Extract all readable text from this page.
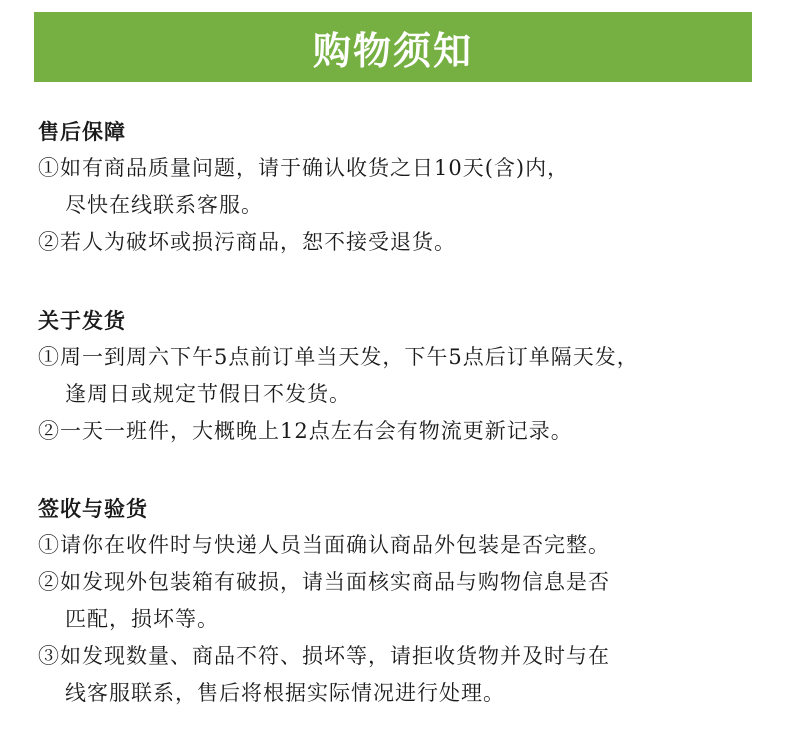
购物须知
售后保障
①如有商品质量问题，请于确认收货之日10天(含)内，
尽快在线联系客服。
②若人为破坏或损污商品，恕不接受退货。
关于发货
①周一到周六下午5点前订单当天发，下午5点后订单隔天发，
逢周日或规定节假日不发货。
②一天一班件，大概晚上12点左右会有物流更新记录。
签收与验货
①请你在收件时与快递人员当面确认商品外包装是否完整。
②如发现外包装箱有破损，请当面核实商品与购物信息是否
匹配，损坏等。
③如发现数量、商品不符、损坏等，请拒收货物并及时与在
线客服联系，售后将根据实际情况进行处理。
